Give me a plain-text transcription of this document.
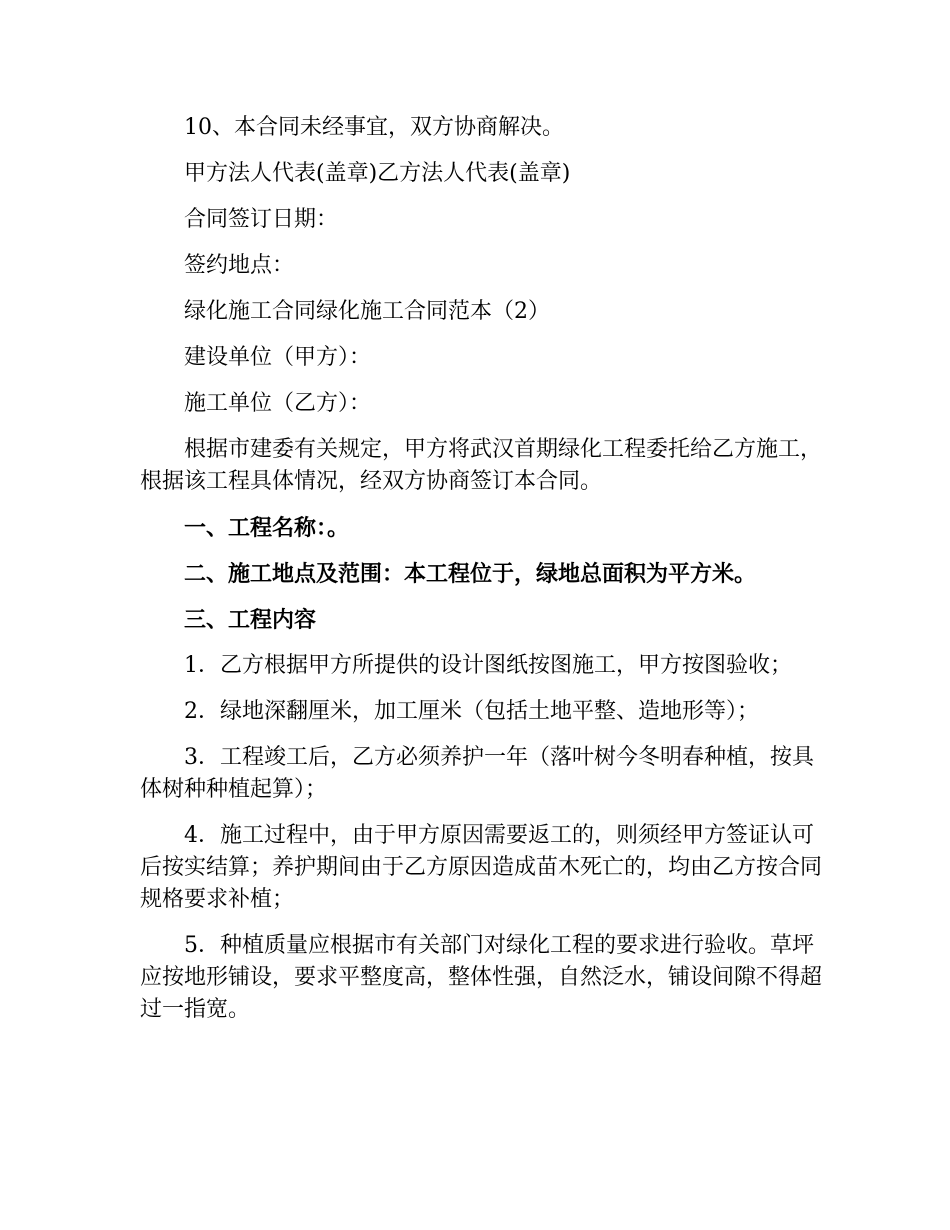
10、本合同未经事宜，双方协商解决。

甲方法人代表(盖章)乙方法人代表(盖章)

合同签订日期：

签约地点：

绿化施工合同绿化施工合同范本（2）

建设单位（甲方）：

施工单位（乙方）：

根据市建委有关规定，甲方将武汉首期绿化工程委托给乙方施工，根据该工程具体情况，经双方协商签订本合同。

一、工程名称：。

二、施工地点及范围：本工程位于，绿地总面积为平方米。

三、工程内容

1．乙方根据甲方所提供的设计图纸按图施工，甲方按图验收；

2．绿地深翻厘米，加工厘米（包括土地平整、造地形等）；

3．工程竣工后，乙方必须养护一年（落叶树今冬明春种植，按具体树种种植起算）；

4．施工过程中，由于甲方原因需要返工的，则须经甲方签证认可后按实结算；养护期间由于乙方原因造成苗木死亡的，均由乙方按合同规格要求补植；

5．种植质量应根据市有关部门对绿化工程的要求进行验收。草坪应按地形铺设，要求平整度高，整体性强，自然泛水，铺设间隙不得超过一指宽。
